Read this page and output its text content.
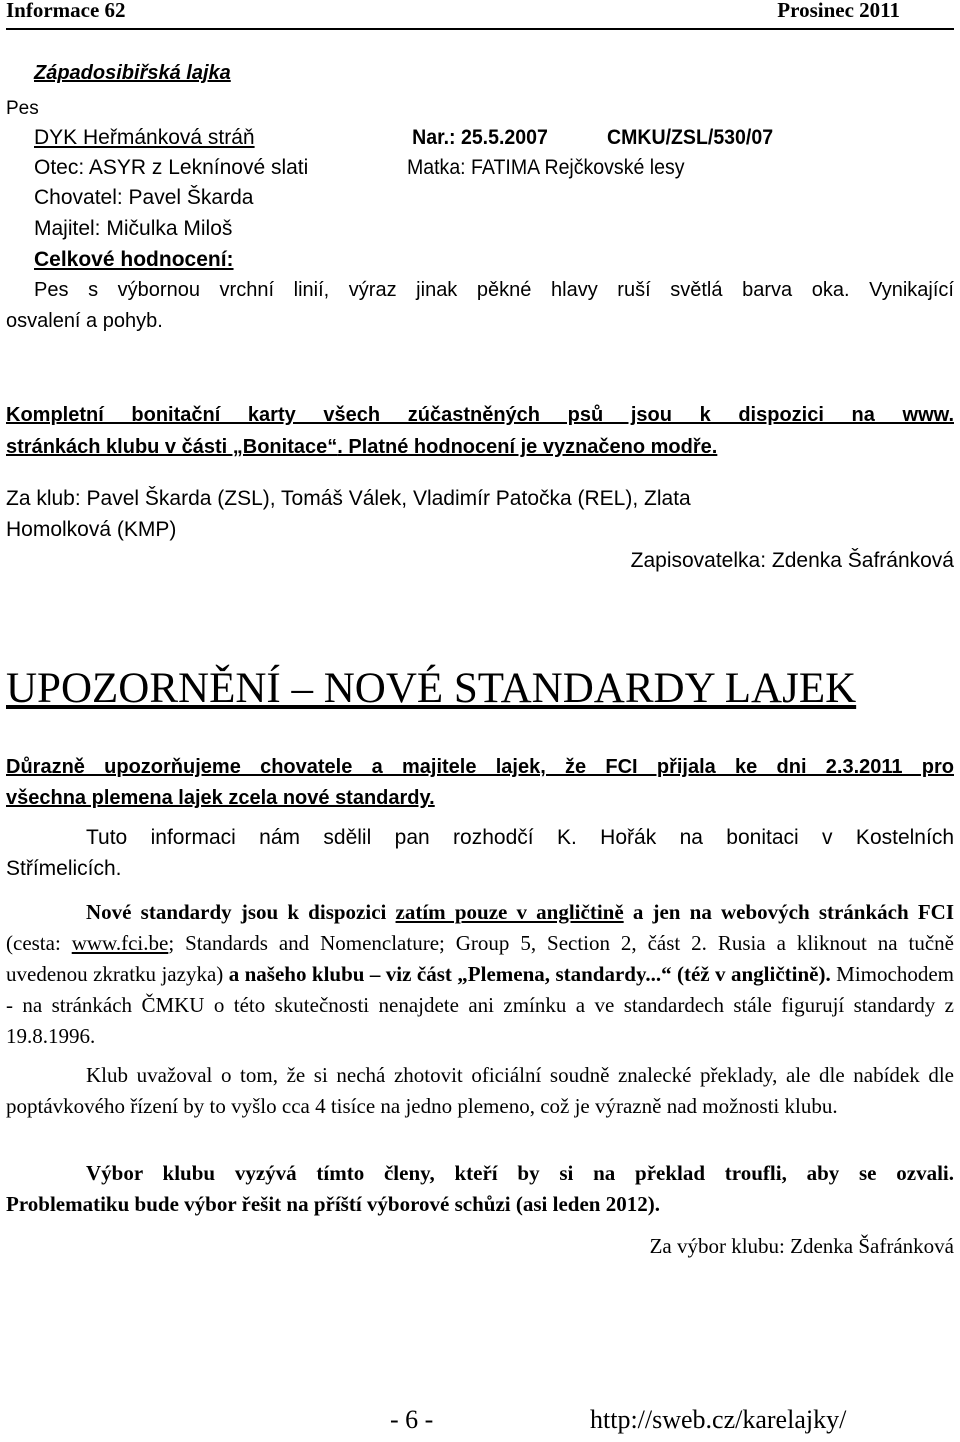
Informace 62	Prosinec 2011
Západosibiřská lajka
Pes
DYK Heřmánková stráň	Nar.: 25.5.2007	CMKU/ZSL/530/07
Otec: ASYR z Leknínové slati	Matka: FATIMA Rejčkovské lesy
Chovatel: Pavel Škarda
Majitel: Mičulka Miloš
Celkové hodnocení:
Pes s výbornou vrchní linií, výraz jinak pěkné hlavy ruší světlá barva oka. Vynikající
osvalení a pohyb.
Kompletní bonitační karty všech zúčastněných psů jsou k dispozici na www.
stránkách klubu v části „Bonitace“. Platné hodnocení je vyznačeno modře.
Za klub: Pavel Škarda (ZSL), Tomáš Válek, Vladimír Patočka (REL), Zlata
Homolková (KMP)
Zapisovatelka: Zdenka Šafránková
UPOZORNĚNÍ – NOVÉ STANDARDY LAJEK
Důrazně upozorňujeme chovatele a majitele lajek, že FCI přijala ke dni 2.3.2011 pro
všechna plemena lajek zcela nové standardy.
Tuto informaci nám sdělil pan rozhodčí K. Hořák na bonitaci v Kostelních
Střímelicích.
Nové standardy jsou k dispozici zatím pouze v angličtině a jen na webových stránkách FCI (cesta: www.fci.be; Standards and Nomenclature; Group 5, Section 2, část 2. Rusia a kliknout na tučně uvedenou zkratku jazyka) a našeho klubu – viz část „Plemena, standardy...“ (též v angličtině). Mimochodem - na stránkách ČMKU o této skutečnosti nenajdete ani zmínku a ve standardech stále figurují standardy z 19.8.1996.
Klub uvažoval o tom, že si nechá zhotovit oficiální soudně znalecké překlady, ale dle nabídek dle poptávkového řízení by to vyšlo cca 4 tisíce na jedno plemeno, což je výrazně nad možnosti klubu.
Výbor klubu vyzývá tímto členy, kteří by si na překlad troufli, aby se ozvali.
Problematiku bude výbor řešit na příští výborové schůzi (asi leden 2012).
Za výbor klubu: Zdenka Šafránková
- 6 -	http://sweb.cz/karelajky/
